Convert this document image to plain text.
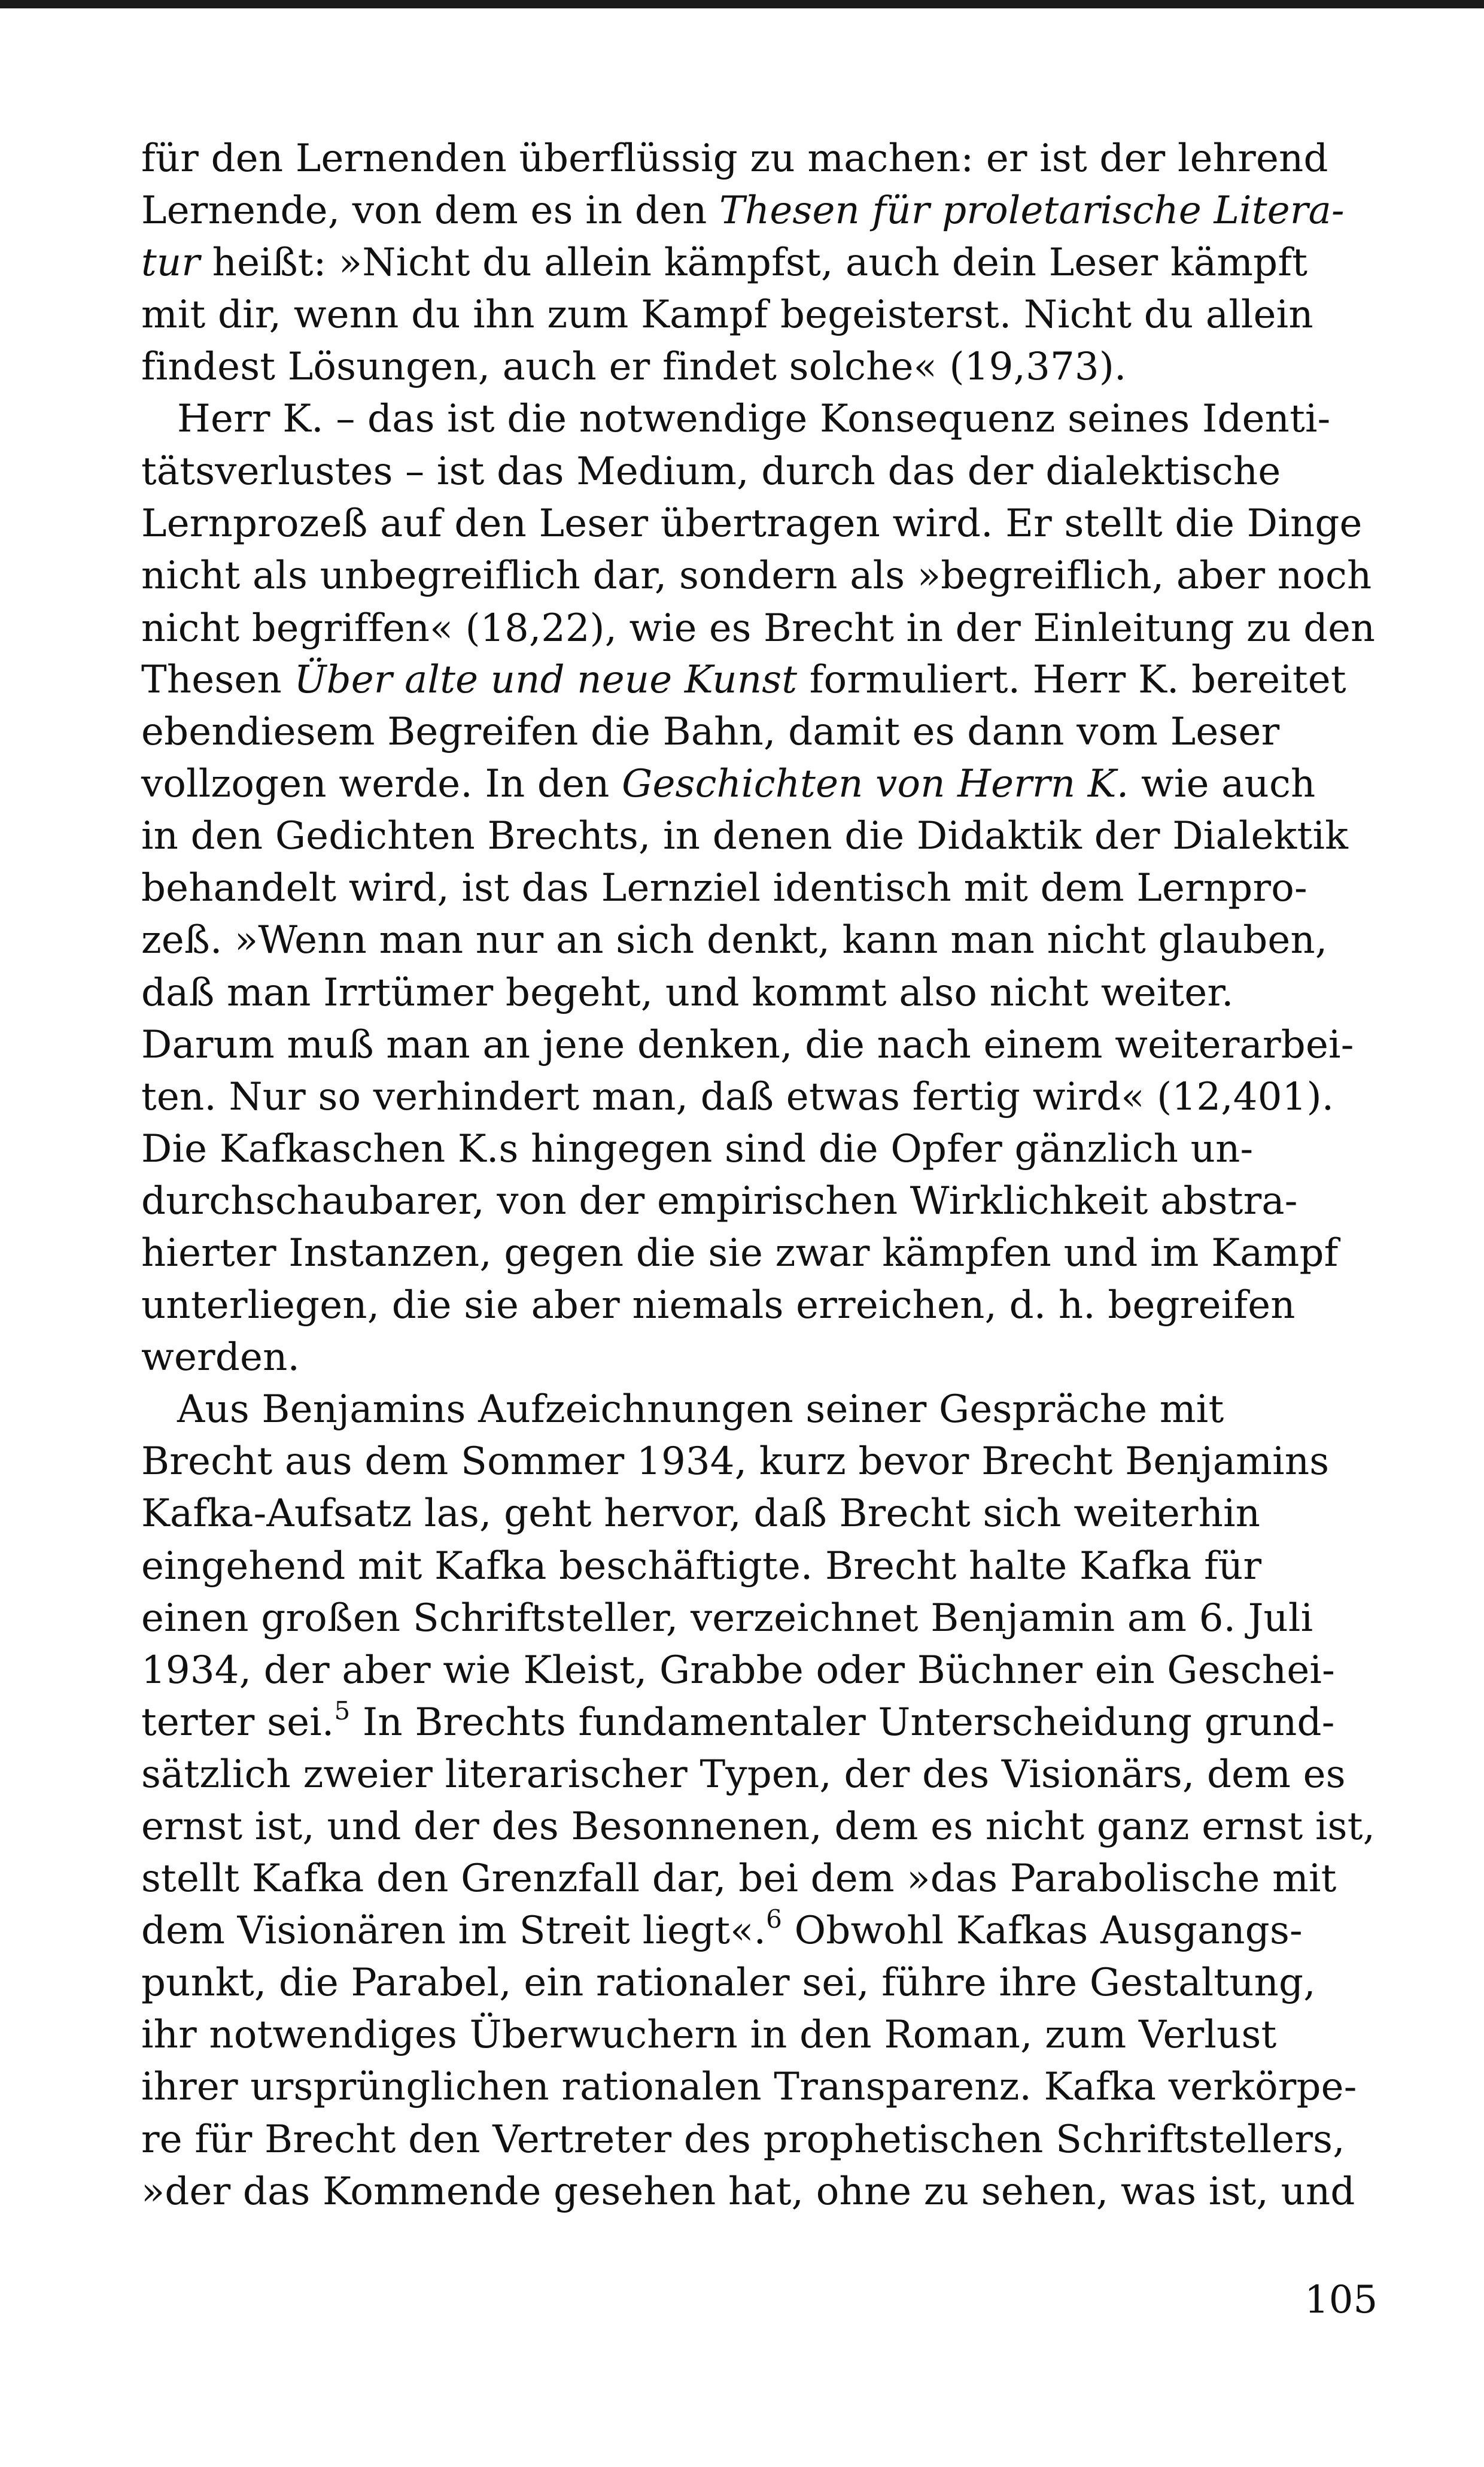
für den Lernenden überflüssig zu machen: er ist der lehrend
Lernende, von dem es in den Thesen für proletarische Litera-
tur heißt: »Nicht du allein kämpfst, auch dein Leser kämpft
mit dir, wenn du ihn zum Kampf begeisterst. Nicht du allein
findest Lösungen, auch er findet solche« (19,373).
Herr K. – das ist die notwendige Konsequenz seines Identi-
tätsverlustes – ist das Medium, durch das der dialektische
Lernprozeß auf den Leser übertragen wird. Er stellt die Dinge
nicht als unbegreiflich dar, sondern als »begreiflich, aber noch
nicht begriffen« (18,22), wie es Brecht in der Einleitung zu den
Thesen Über alte und neue Kunst formuliert. Herr K. bereitet
ebendiesem Begreifen die Bahn, damit es dann vom Leser
vollzogen werde. In den Geschichten von Herrn K. wie auch
in den Gedichten Brechts, in denen die Didaktik der Dialektik
behandelt wird, ist das Lernziel identisch mit dem Lernpro-
zeß. »Wenn man nur an sich denkt, kann man nicht glauben,
daß man Irrtümer begeht, und kommt also nicht weiter.
Darum muß man an jene denken, die nach einem weiterarbei-
ten. Nur so verhindert man, daß etwas fertig wird« (12,401).
Die Kafkaschen K.s hingegen sind die Opfer gänzlich un-
durchschaubarer, von der empirischen Wirklichkeit abstra-
hierter Instanzen, gegen die sie zwar kämpfen und im Kampf
unterliegen, die sie aber niemals erreichen, d. h. begreifen
werden.
Aus Benjamins Aufzeichnungen seiner Gespräche mit
Brecht aus dem Sommer 1934, kurz bevor Brecht Benjamins
Kafka-Aufsatz las, geht hervor, daß Brecht sich weiterhin
eingehend mit Kafka beschäftigte. Brecht halte Kafka für
einen großen Schriftsteller, verzeichnet Benjamin am 6. Juli
1934, der aber wie Kleist, Grabbe oder Büchner ein Geschei-
terter sei.$^5$ In Brechts fundamentaler Unterscheidung grund-
sätzlich zweier literarischer Typen, der des Visionärs, dem es
ernst ist, und der des Besonnenen, dem es nicht ganz ernst ist,
stellt Kafka den Grenzfall dar, bei dem »das Parabolische mit
dem Visionären im Streit liegt«.$^6$ Obwohl Kafkas Ausgangs-
punkt, die Parabel, ein rationaler sei, führe ihre Gestaltung,
ihr notwendiges Überwuchern in den Roman, zum Verlust
ihrer ursprünglichen rationalen Transparenz. Kafka verkörpe-
re für Brecht den Vertreter des prophetischen Schriftstellers,
»der das Kommende gesehen hat, ohne zu sehen, was ist, und
105
